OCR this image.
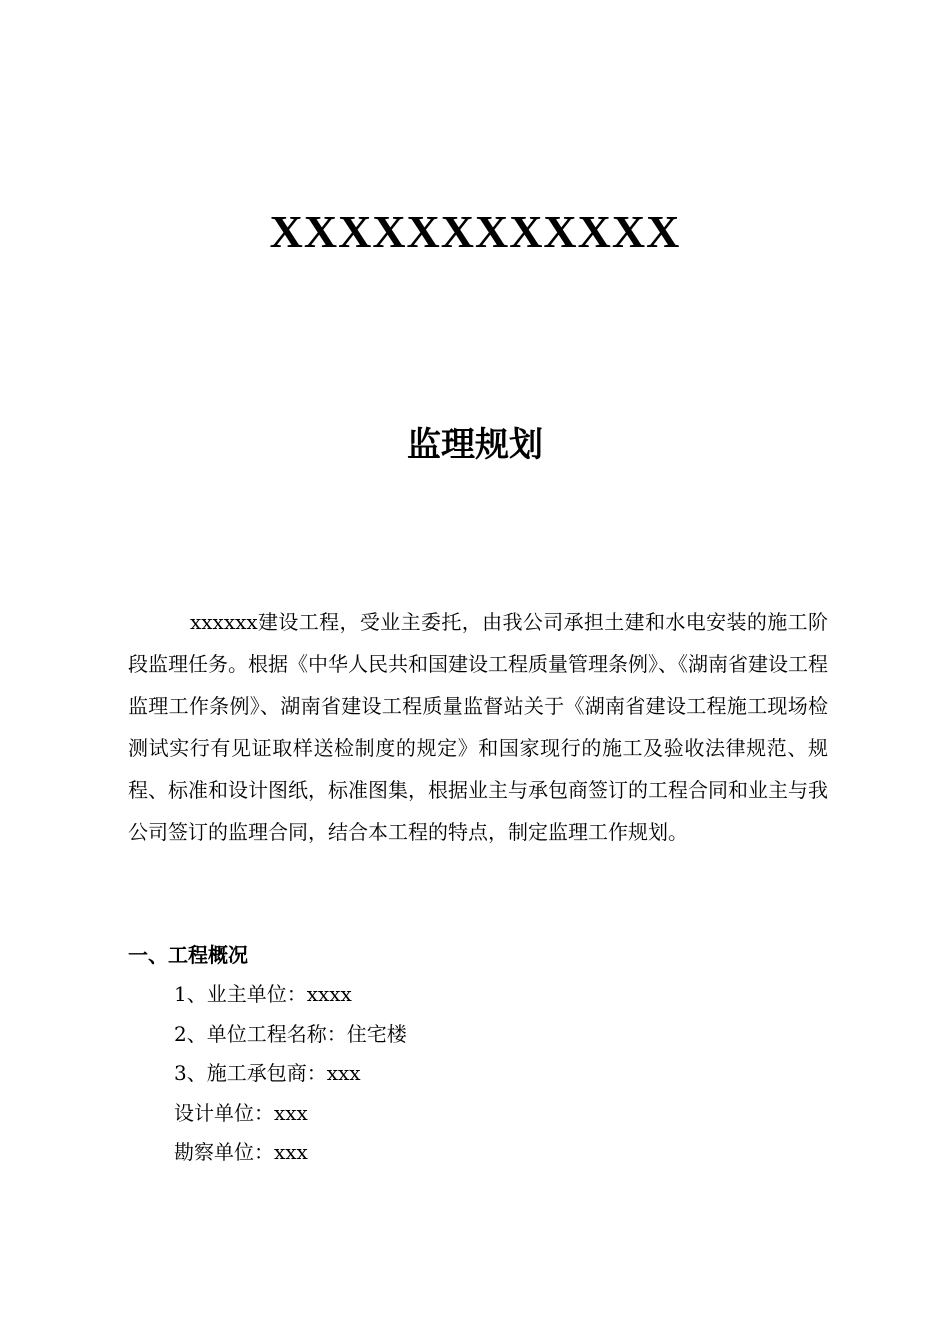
XXXXXXXXXXXX
监理规划

xxxxxx建设工程，受业主委托，由我公司承担土建和水电安装的施工阶段监理任务。根据《中华人民共和国建设工程质量管理条例》、《湖南省建设工程监理工作条例》、湖南省建设工程质量监督站关于《湖南省建设工程施工现场检测试实行有见证取样送检制度的规定》和国家现行的施工及验收法律规范、规程、标准和设计图纸，标准图集，根据业主与承包商签订的工程合同和业主与我公司签订的监理合同，结合本工程的特点，制定监理工作规划。

一、工程概况
1、业主单位：xxxx
2、单位工程名称：住宅楼
3、施工承包商：xxx
设计单位：xxx
勘察单位：xxx
